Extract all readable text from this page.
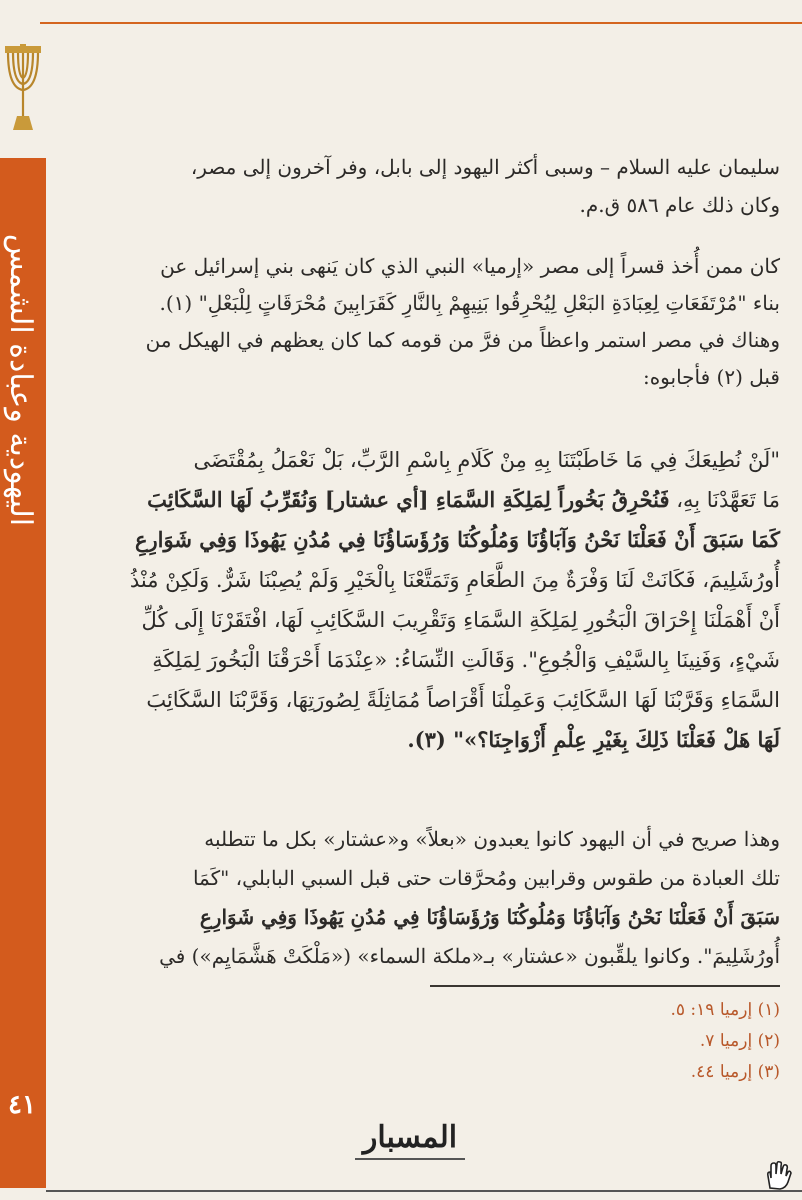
اليهودية وعبادة الشمس
٤١
سليمان عليه السلام – وسبى أكثر اليهود إلى بابل، وفر آخرون إلى مصر،
وكان ذلك عام ٥٨٦ ق.م.
كان ممن أُخذ قسراً إلى مصر «إرميا» النبي الذي كان يَنهى بني إسرائيل عن
بناء "مُرْتَفَعَاتِ لِعِبَادَةِ البَعْلِ لِيُحْرِقُوا بَنِيهِمْ بِالنَّارِ كَقَرَابِينَ مُحْرَقَاتٍ لِلْبَعْلِ" (١).
وهناك في مصر استمر واعظاً من فرَّ من قومه كما كان يعظهم في الهيكل من
قبل (٢) فأجابوه:
"لَنْ نُطِيعَكَ فِي مَا خَاطَبْتَنَا بِهِ مِنْ كَلَامِ بِاسْمِ الرَّبِّ، بَلْ نَعْمَلُ بِمُقْتَضَى
مَا تَعَهَّدْنَا بِهِ، فَنُحْرِقُ بَخُوراً لِمَلِكَةِ السَّمَاءِ [أي عشتار] وَنُقَرِّبُ لَهَا السَّكَائِبَ
كَمَا سَبَقَ أَنْ فَعَلْنَا نَحْنُ وَآبَاؤُنَا وَمُلُوكُنَا وَرُؤَسَاؤُنَا فِي مُدُنِ يَهُوذَا وَفِي شَوَارِعِ
أُورُشَلِيمَ، فَكَانَتْ لَنَا وَفْرَةٌ مِنَ الطَّعَامِ وَتَمَتَّعْنَا بِالْخَيْرِ وَلَمْ يُصِبْنَا شَرٌّ. وَلَكِنْ مُنْذُ
أَنْ أَهْمَلْنَا إِحْرَاقَ الْبَخُورِ لِمَلِكَةِ السَّمَاءِ وَتَقْرِيبَ السَّكَائِبِ لَهَا، افْتَقَرْنَا إِلَى كُلِّ
شَيْءٍ، وَفَنِينَا بِالسَّيْفِ وَالْجُوعِ". وَقَالَتِ النِّسَاءُ: «عِنْدَمَا أَحْرَقْنَا الْبَخُورَ لِمَلِكَةِ
السَّمَاءِ وَقَرَّبْنَا لَهَا السَّكَائِبَ وَعَمِلْنَا أَقْرَاصاً مُمَاثِلَةً لِصُورَتِهَا، وَقَرَّبْنَا السَّكَائِبَ
لَهَا هَلْ فَعَلْنَا ذَلِكَ بِغَيْرِ عِلْمِ أَزْوَاجِنَا؟»" (٣).
وهذا صريح في أن اليهود كانوا يعبدون «بعلاً» و«عشتار» بكل ما تتطلبه
تلك العبادة من طقوس وقرابين ومُحرَّقات حتى قبل السبي البابلي، "كَمَا
سَبَقَ أَنْ فَعَلْنَا نَحْنُ وَآبَاؤُنَا وَمُلُوكُنَا وَرُؤَسَاؤُنَا فِي مُدُنِ يَهُوذَا وَفِي شَوَارِعِ
أُورُشَلِيمَ". وكانوا يلقِّبون «عشتار» بـ«ملكة السماء» («مَلْكَتْ هَشَّمَايِم») في
(١) إرميا ١٩: ٥.
(٢) إرميا ٧.
(٣) إرميا ٤٤.
المسبار
